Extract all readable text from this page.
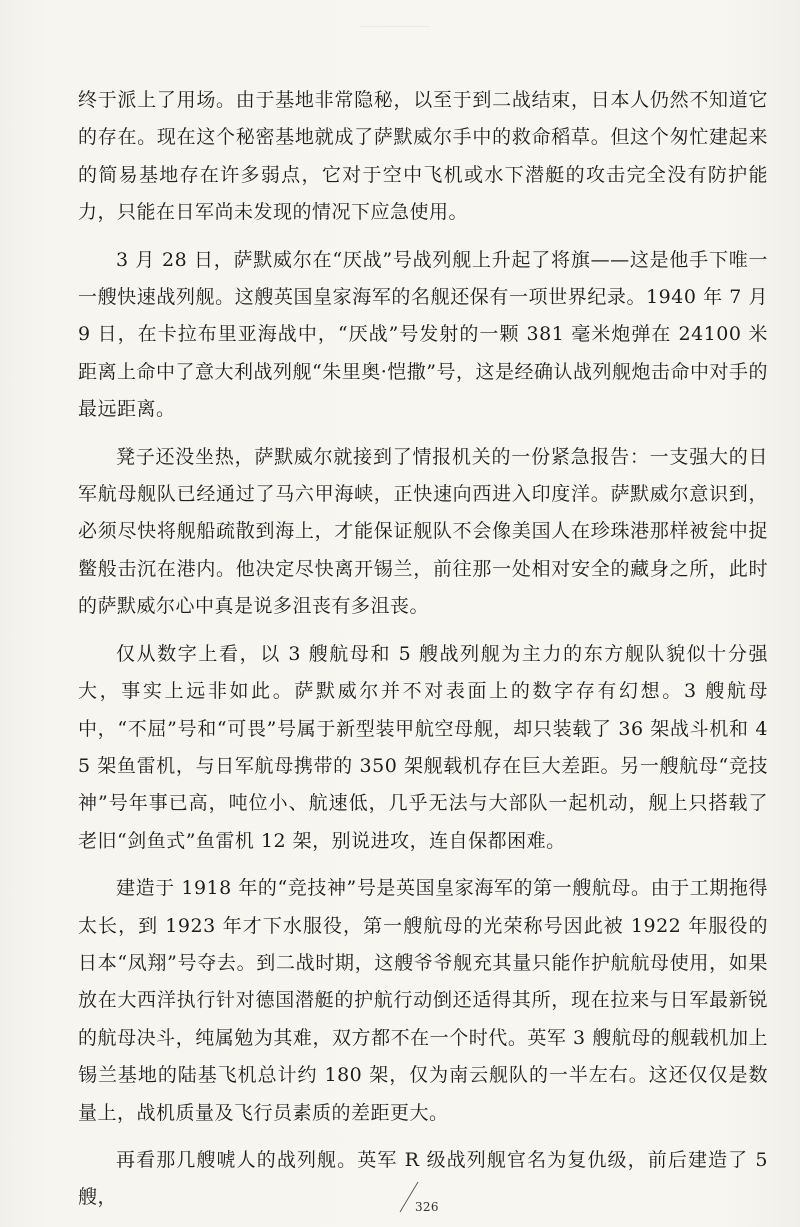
终于派上了用场。由于基地非常隐秘，以至于到二战结束，日本人仍然不知道它的存在。现在这个秘密基地就成了萨默威尔手中的救命稻草。但这个匆忙建起来的简易基地存在许多弱点，它对于空中飞机或水下潜艇的攻击完全没有防护能力，只能在日军尚未发现的情况下应急使用。

3 月 28 日，萨默威尔在“厌战”号战列舰上升起了将旗——这是他手下唯一一艘快速战列舰。这艘英国皇家海军的名舰还保有一项世界纪录。1940 年 7 月 9 日，在卡拉布里亚海战中，“厌战”号发射的一颗 381 毫米炮弹在 24100 米距离上命中了意大利战列舰“朱里奥·恺撒”号，这是经确认战列舰炮击命中对手的最远距离。

凳子还没坐热，萨默威尔就接到了情报机关的一份紧急报告：一支强大的日军航母舰队已经通过了马六甲海峡，正快速向西进入印度洋。萨默威尔意识到，必须尽快将舰船疏散到海上，才能保证舰队不会像美国人在珍珠港那样被瓮中捉鳖般击沉在港内。他决定尽快离开锡兰，前往那一处相对安全的藏身之所，此时的萨默威尔心中真是说多沮丧有多沮丧。

仅从数字上看，以 3 艘航母和 5 艘战列舰为主力的东方舰队貌似十分强大，事实上远非如此。萨默威尔并不对表面上的数字存有幻想。3 艘航母中，“不屈”号和“可畏”号属于新型装甲航空母舰，却只装载了 36 架战斗机和 45 架鱼雷机，与日军航母携带的 350 架舰载机存在巨大差距。另一艘航母“竞技神”号年事已高，吨位小、航速低，几乎无法与大部队一起机动，舰上只搭载了老旧“剑鱼式”鱼雷机 12 架，别说进攻，连自保都困难。

建造于 1918 年的“竞技神”号是英国皇家海军的第一艘航母。由于工期拖得太长，到 1923 年才下水服役，第一艘航母的光荣称号因此被 1922 年服役的日本“凤翔”号夺去。到二战时期，这艘爷爷舰充其量只能作护航航母使用，如果放在大西洋执行针对德国潜艇的护航行动倒还适得其所，现在拉来与日军最新锐的航母决斗，纯属勉为其难，双方都不在一个时代。英军 3 艘航母的舰载机加上锡兰基地的陆基飞机总计约 180 架，仅为南云舰队的一半左右。这还仅仅是数量上，战机质量及飞行员素质的差距更大。

再看那几艘唬人的战列舰。英军 R 级战列舰官名为复仇级，前后建造了 5 艘，	326
